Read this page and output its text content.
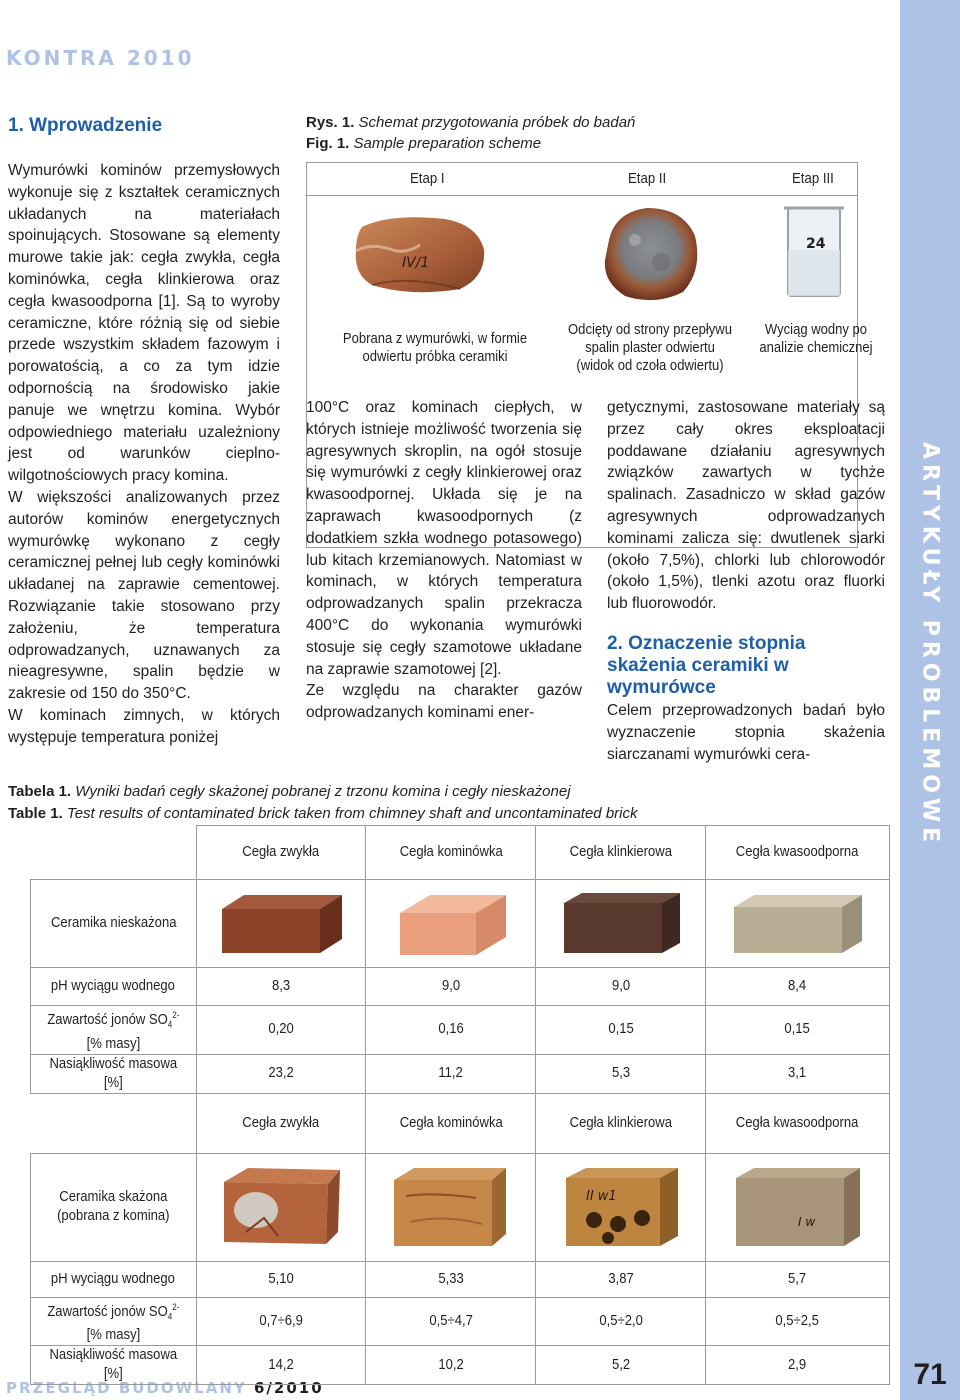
ARTYKUŁY PROBLEMOWE
71
KONTRA 2010
PRZEGLĄD BUDOWLANY 6/2010
1. Wprowadzenie

Wymurówki kominów przemysłowych wykonuje się z kształtek ceramicznych układanych na materiałach spoinujących. Stosowane są elementy murowe takie jak: cegła zwykła, cegła kominówka, cegła klinkierowa oraz cegła kwasoodporna [1]. Są to wyroby ceramiczne, które różnią się od siebie przede wszystkim składem fazowym i porowatością, a co za tym idzie odpornością na środowisko jakie panuje we wnętrzu komina. Wybór odpowiedniego materiału uzależniony jest od warunków cieplno-wilgotnościowych pracy komina.

W większości analizowanych przez autorów kominów energetycznych wymurówkę wykonano z cegły ceramicznej pełnej lub cegły kominówki układanej na zaprawie cementowej. Rozwiązanie takie stosowano przy założeniu, że temperatura odprowadzanych, uznawanych za nieagresywne, spalin będzie w zakresie od 150 do 350°C.

W kominach zimnych, w których występuje temperatura poniżej

Rys. 1. Schemat przygotowania próbek do badań
Fig. 1. Sample preparation scheme
Etap I	Etap II	Etap III
IV/1
24
Pobrana z wymurówki, w formie odwiertu próbka ceramiki
Odcięty od strony przepływu spalin plaster odwiertu (widok od czoła odwiertu)
Wyciąg wodny po analizie chemicznej

100°C oraz kominach ciepłych, w których istnieje możliwość tworzenia się agresywnych skroplin, na ogół stosuje się wymurówki z cegły klinkierowej oraz kwasoodpornej. Układa się je na zaprawach kwasoodpornych (z dodatkiem szkła wodnego potasowego) lub kitach krzemianowych. Natomiast w kominach, w których temperatura odprowadzanych spalin przekracza 400°C do wykonania wymurówki stosuje się cegły szamotowe układane na zaprawie szamotowej [2].

Ze względu na charakter gazów odprowadzanych kominami ener-

getycznymi, zastosowane materiały są przez cały okres eksploatacji poddawane działaniu agresywnych związków zawartych w tychże spalinach. Zasadniczo w skład gazów agresywnych odprowadzanych kominami zalicza się: dwutlenek siarki (około 7,5%), chlorki lub chlorowodór (około 1,5%), tlenki azotu oraz fluorki lub fluorowodór.

2. Oznaczenie stopnia skażenia ceramiki w wymurówce

Celem przeprowadzonych badań było wyznaczenie stopnia skażenia siarczanami wymurówki cera-

Tabela 1. Wyniki badań cegły skażonej pobranej z trzonu komina i cegły nieskażonej
Table 1. Test results of contaminated brick taken from chimney shaft and uncontaminated brick
	Cegła zwykła	Cegła kominówka	Cegła klinkierowa	Cegła kwasoodporna
Ceramika nieskażona	

pH wyciągu wodnego	8,3	9,0	9,0	8,4
Zawartość jonów $SO_4^{2-}$
[% masy]	0,20	0,16	0,15	0,15
Nasiąkliwość masowa [%]	23,2	11,2	5,3	3,1
	Cegła zwykła	Cegła kominówka	Cegła klinkierowa	Cegła kwasoodporna
Ceramika skażona (pobrana z komina)			II w1	I w

pH wyciągu wodnego	5,10	5,33	3,87	5,7
Zawartość jonów $SO_4^{2-}$
[% masy]	0,7÷6,9	0,5÷4,7	0,5÷2,0	0,5÷2,5
Nasiąkliwość masowa [%]	14,2	10,2	5,2	2,9
